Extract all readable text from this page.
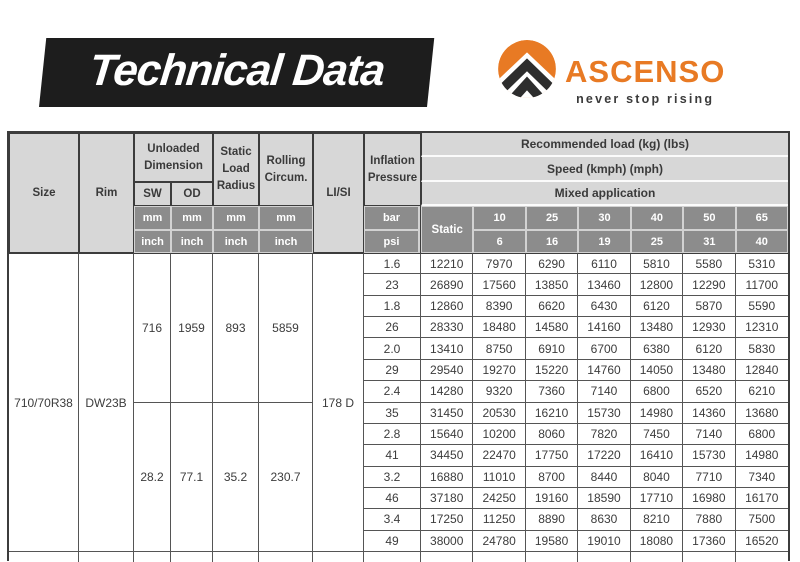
Technical Data	ASCENSO
never stop rising
Size	Rim
Unloaded Dimension
SW	OD
Static Load Radius
Rolling Circum.
LI/SI
Inflation Pressure
mm	mm	mm	mm
inch	inch	inch	inch
bar
psi
Recommended load (kg) (lbs)
Speed (kmph) (mph)
Mixed application
Static
10	25	30	40	50	65
6	16	19	25	31	40
710/70R38	DW23B
716	1959	893	5859
28.2	77.1	35.2	230.7
178 D
1.6	12210	7970	6290	6110	5810	5580	5310
23	26890	17560	13850	13460	12800	12290	11700
1.8	12860	8390	6620	6430	6120	5870	5590
26	28330	18480	14580	14160	13480	12930	12310
2.0	13410	8750	6910	6700	6380	6120	5830
29	29540	19270	15220	14760	14050	13480	12840
2.4	14280	9320	7360	7140	6800	6520	6210
35	31450	20530	16210	15730	14980	14360	13680
2.8	15640	10200	8060	7820	7450	7140	6800
41	34450	22470	17750	17220	16410	15730	14980
3.2	16880	11010	8700	8440	8040	7710	7340
46	37180	24250	19160	18590	17710	16980	16170
3.4	17250	11250	8890	8630	8210	7880	7500
49	38000	24780	19580	19010	18080	17360	16520
